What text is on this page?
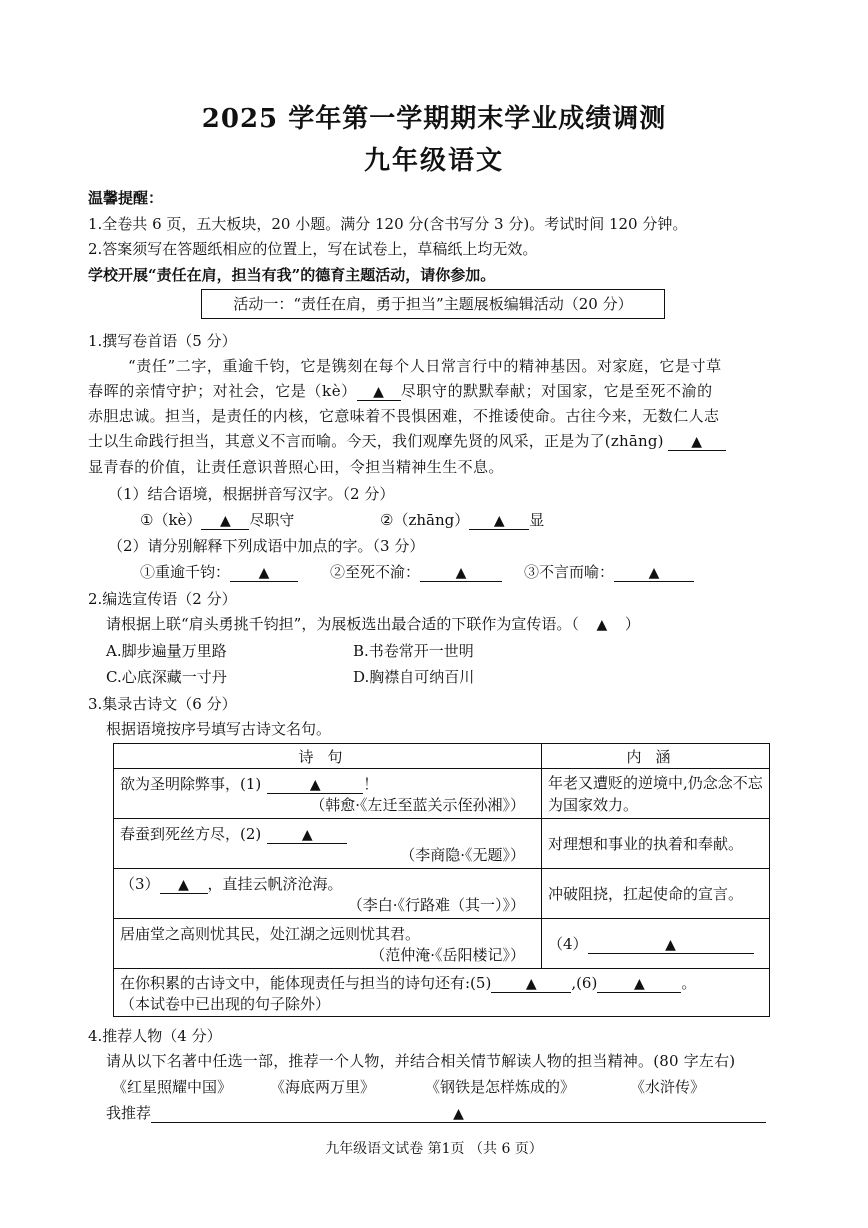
2025 学年第一学期期末学业成绩调测
九年级语文
温馨提醒：
1.全卷共 6 页，五大板块，20 小题。满分 120 分(含书写分 3 分)。考试时间 120 分钟。
2.答案须写在答题纸相应的位置上，写在试卷上，草稿纸上均无效。
学校开展“责任在肩，担当有我”的德育主题活动，请你参加。
活动一：“责任在肩，勇于担当”主题展板编辑活动（20 分）
1.撰写卷首语（5 分）
“责任”二字，重逾千钧，它是镌刻在每个人日常言行中的精神基因。对家庭，它是寸草
春晖的亲情守护；对社会，它是（kè） ▲ 尽职守的默默奉献；对国家，它是至死不渝的
赤胆忠诚。担当，是责任的内核，它意味着不畏惧困难，不推诿使命。古往今来，无数仁人志
士以生命践行担当，其意义不言而喻。今天，我们观摩先贤的风采，正是为了(zhāng) ▲
显青春的价值，让责任意识普照心田，令担当精神生生不息。
（1）结合语境，根据拼音写汉字。（2 分）
①（kè） ▲ 尽职守	②（zhāng） ▲ 显
（2）请分别解释下列成语中加点的字。（3 分）
①重逾千钧： ▲	②至死不渝：	▲	③不言而喻： ▲
2.编选宣传语（2 分）
请根据上联“肩头勇挑千钧担”，为展板选出最合适的下联作为宣传语。（ ▲ ）
A.脚步遍量万里路	B.书卷常开一世明
C.心底深藏一寸丹	D.胸襟自可纳百川
3.集录古诗文（6 分）
根据语境按序号填写古诗文名句。
诗句	内涵

欲为圣明除弊事，(1) ▲ ！
（韩愈·《左迁至蓝关示侄孙湘》）	年老又遭贬的逆境中,仍念念不忘为国家效力。

春蚕到死丝方尽，(2) ▲
（李商隐·《无题》）	对理想和事业的执着和奉献。

（3） ▲ ，直挂云帆济沧海。
（李白·《行路难（其一）》）	冲破阻挠，扛起使命的宣言。

居庙堂之高则忧其民，处江湖之远则忧其君。
（范仲淹·《岳阳楼记》）	（4） ▲

在你积累的古诗文中，能体现责任与担当的诗句还有:(5) ▲ ,(6) ▲ 。
（本试卷中已出现的句子除外）	
4.推荐人物（4 分）
请从以下名著中任选一部，推荐一个人物，并结合相关情节解读人物的担当精神。(80 字左右)
《红星照耀中国》	《海底两万里》	《钢铁是怎样炼成的》	《水浒传》
我推荐	▲
九年级语文试卷 第1页 （共 6 页）
